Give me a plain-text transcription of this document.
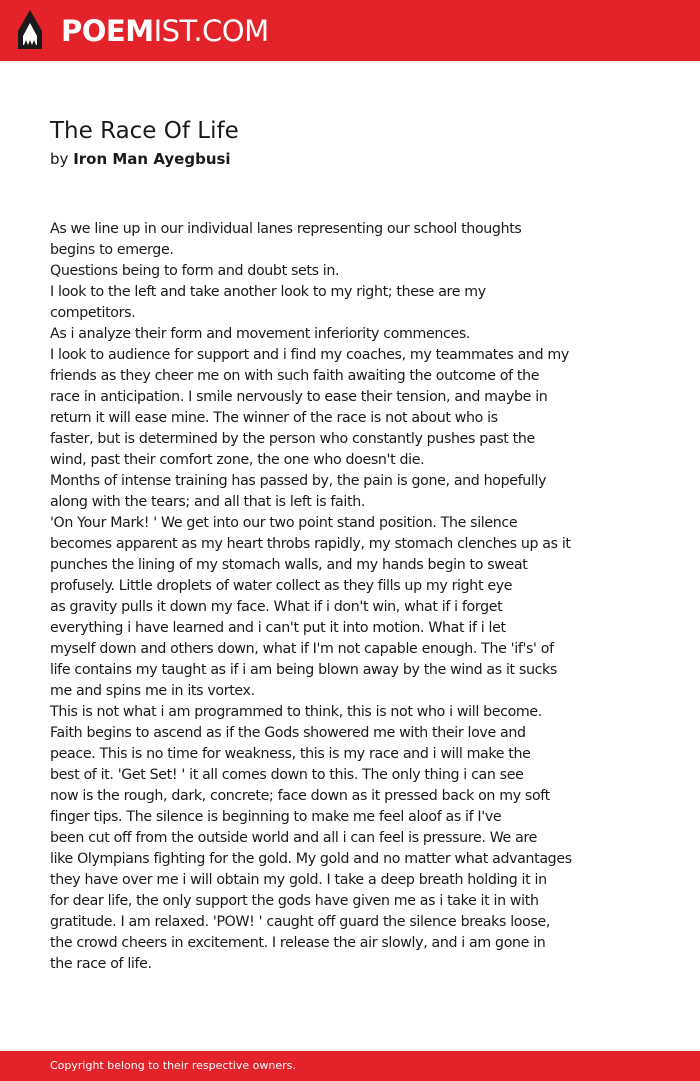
POEMIST.COM
The Race Of Life
by Iron Man Ayegbusi
As we line up in our individual lanes representing our school thoughts
begins to emerge.
Questions being to form and doubt sets in.
I look to the left and take another look to my right; these are my
competitors.
As i analyze their form and movement inferiority commences.
I look to audience for support and i find my coaches, my teammates and my
friends as they cheer me on with such faith awaiting the outcome of the
race in anticipation. I smile nervously to ease their tension, and maybe in
return it will ease mine. The winner of the race is not about who is
faster, but is determined by the person who constantly pushes past the
wind, past their comfort zone, the one who doesn't die.
Months of intense training has passed by, the pain is gone, and hopefully
along with the tears; and all that is left is faith.
'On Your Mark! ' We get into our two point stand position. The silence
becomes apparent as my heart throbs rapidly, my stomach clenches up as it
punches the lining of my stomach walls, and my hands begin to sweat
profusely. Little droplets of water collect as they fills up my right eye
as gravity pulls it down my face. What if i don't win, what if i forget
everything i have learned and i can't put it into motion. What if i let
myself down and others down, what if I'm not capable enough. The 'if's' of
life contains my taught as if i am being blown away by the wind as it sucks
me and spins me in its vortex.
This is not what i am programmed to think, this is not who i will become.
Faith begins to ascend as if the Gods showered me with their love and
peace. This is no time for weakness, this is my race and i will make the
best of it. 'Get Set! ' it all comes down to this. The only thing i can see
now is the rough, dark, concrete; face down as it pressed back on my soft
finger tips. The silence is beginning to make me feel aloof as if I've
been cut off from the outside world and all i can feel is pressure. We are
like Olympians fighting for the gold. My gold and no matter what advantages
they have over me i will obtain my gold. I take a deep breath holding it in
for dear life, the only support the gods have given me as i take it in with
gratitude. I am relaxed. 'POW! ' caught off guard the silence breaks loose,
the crowd cheers in excitement. I release the air slowly, and i am gone in
the race of life.
Copyright belong to their respective owners.
